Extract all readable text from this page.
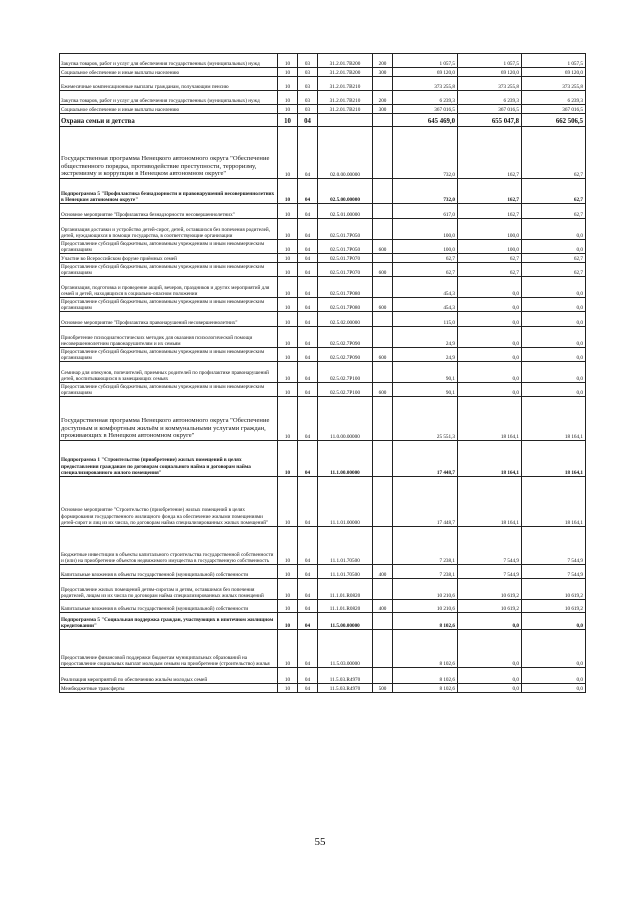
Закупка товаров, работ и услуг для обеспечения государственных (муниципальных) нужд	10	03	31.2.01.7В200	200	1 057,5	1 057,5	1 057,5
Социальное обеспечение и иные выплаты населению	10	03	31.2.01.7В200	300	69 120,0	69 120,0	69 120,0
Ежемесячные компенсационные выплаты гражданам, получающим пенсию	10	03	31.2.01.7В210		373 255,8	373 255,8	373 255,8
Закупка товаров, работ и услуг для обеспечения государственных (муниципальных) нужд	10	03	31.2.01.7В210	200	6 239,3	6 239,3	6 239,3
Социальное обеспечение и иные выплаты населению	10	03	31.2.01.7В210	300	367 016,5	367 016,5	367 016,5
Охрана семьи и детства	10	04			645 469,0	655 047,8	662 506,5
Государственная программа Ненецкого автономного округа "Обеспечение общественного порядка, противодействие преступности, терроризму, экстремизму и коррупции в Ненецком автономном округе"	10	04	02.0.00.00000		732,0	162,7	62,7
Подпрограмма 5 "Профилактика безнадзорности и правонарушений несовершеннолетних в Ненецком автономном округе"	10	04	02.5.00.00000		732,0	162,7	62,7
Основное мероприятие "Профилактика безнадзорности несовершеннолетних"	10	04	02.5.01.00000		617,0	162,7	62,7
Организация доставки и устройство детей-сирот, детей, оставшихся без попечения родителей, детей, нуждающихся в помощи государства, в соответствующие организации	10	04	02.5.01.7Р050		100,0	100,0	0,0
Предоставление субсидий бюджетным, автономным учреждениям и иным некоммерческим организациям	10	04	02.5.01.7Р050	600	100,0	100,0	0,0
Участие во Всероссийском форуме приёмных семей	10	04	02.5.01.7Р070		62,7	62,7	62,7
Предоставление субсидий бюджетным, автономным учреждениям и иным некоммерческим организациям	10	04	02.5.01.7Р070	600	62,7	62,7	62,7
Организация, подготовка и проведение акций, вечеров, праздников и других мероприятий для семей и детей, находящихся в социально-опасном положении	10	04	02.5.01.7Р080		454,3	0,0	0,0
Предоставление субсидий бюджетным, автономным учреждениям и иным некоммерческим организациям	10	04	02.5.01.7Р080	600	454,3	0,0	0,0
Основное мероприятие "Профилактика правонарушений несовершеннолетних"	10	04	02.5.02.00000		115,0	0,0	0,0
Приобретение психодиагностических методик для оказания психологической помощи несовершеннолетним правонарушителям и их семьям	10	04	02.5.02.7Р090		24,9	0,0	0,0
Предоставление субсидий бюджетным, автономным учреждениям и иным некоммерческим организациям	10	04	02.5.02.7Р090	600	24,9	0,0	0,0
Семинар для опекунов, попечителей, приемных родителей по профилактике правонарушений детей, воспитывающихся в замещающих семьях	10	04	02.5.02.7Р100		90,1	0,0	0,0
Предоставление субсидий бюджетным, автономным учреждениям и иным некоммерческим организациям	10	04	02.5.02.7Р100	600	90,1	0,0	0,0
Государственная программа Ненецкого автономного округа "Обеспечение доступным и комфортным жильём и коммунальными услугами граждан, проживающих в Ненецком автономном округе"	10	04	11.0.00.00000		25 551,3	18 164,1	18 164,1
Подпрограмма 1 "Строительство (приобретение) жилых помещений в целях предоставления гражданам по договорам социального найма и договорам найма специализированного жилого помещения"	10	04	11.1.00.00000		17 448,7	18 164,1	18 164,1
Основное мероприятие "Строительство (приобретение) жилых помещений в целях формирования государственного жилищного фонда на обеспечение жилыми помещениями детей-сирот и лиц из их числа, по договорам найма специализированных жилых помещений"	10	04	11.1.01.00000		17 448,7	18 164,1	18 164,1
Бюджетные инвестиции в объекты капитального строительства государственной собственности и (или) на приобретение объектов недвижимого имущества в государственную собственность	10	04	11.1.01.70500		7 238,1	7 544,9	7 544,9
Капитальные вложения в объекты государственной (муниципальной) собственности	10	04	11.1.01.70500	400	7 238,1	7 544,9	7 544,9
Предоставление жилых помещений детям-сиротам и детям, оставшимся без попечения родителей, лицам из их числа по договорам найма специализированных жилых помещений	10	04	11.1.01.R0820		10 210,6	10 619,2	10 619,2
Капитальные вложения в объекты государственной (муниципальной) собственности	10	04	11.1.01.R0820	400	10 210,6	10 619,2	10 619,2
Подпрограмма 5 "Социальная поддержка граждан, участвующих в ипотечном жилищном кредитовании"	10	04	11.5.00.00000		8 102,6	0,0	0,0
Предоставление финансовой поддержки бюджетам муниципальных образований на предоставление социальных выплат молодым семьям на приобретение (строительство) жилья	10	04	11.5.03.00000		8 102,6	0,0	0,0
Реализация мероприятий по обеспечению жильём молодых семей	10	04	11.5.03.R4970		8 102,6	0,0	0,0
Межбюджетные трансферты	10	04	11.5.03.R4970	500	8 102,6	0,0	0,0
55
